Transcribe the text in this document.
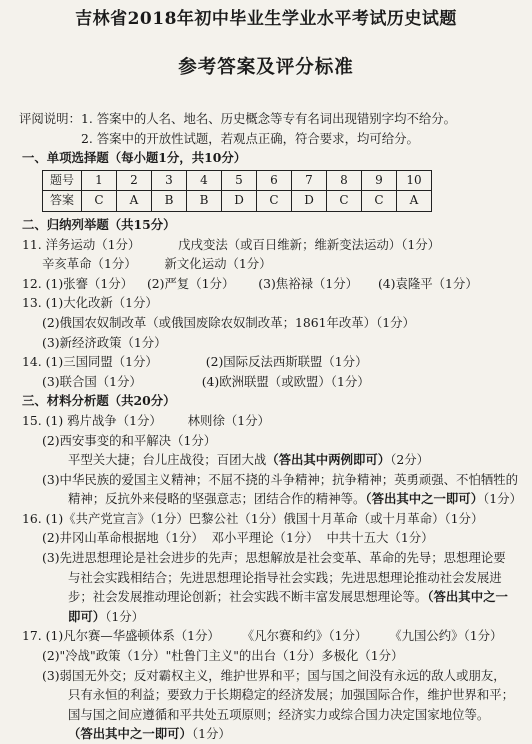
吉林省2018年初中毕业生学业水平考试历史试题
参考答案及评分标准
评阅说明：1. 答案中的人名、地名、历史概念等专有名词出现错别字均不给分。
2. 答案中的开放性试题，若观点正确，符合要求，均可给分。
一、单项选择题（每小题1分，共10分）
题号	1	2	3	4	5	6	7	8	9	10
答案	C	A	B	B	D	C	D	C	C	A
二、归纳列举题（共15分）
11. 洋务运动（1分）	戊戌变法（或百日维新；维新变法运动）（1分）
辛亥革命（1分） 新文化运动（1分）
12. (1)张謇（1分） (2)严复（1分） (3)焦裕禄（1分） (4)袁隆平（1分）
13. (1)大化改新（1分）
(2)俄国农奴制改革（或俄国废除农奴制改革；1861年改革）（1分）
(3)新经济政策（1分）
14. (1)三国同盟（1分）	(2)国际反法西斯联盟（1分）
(3)联合国（1分）	(4)欧洲联盟（或欧盟）（1分）
三、材料分析题（共20分）
15. (1) 鸦片战争（1分） 林则徐（1分）
(2)西安事变的和平解决（1分）
平型关大捷；台儿庄战役；百团大战（答出其中两例即可）（2分）
(3)中华民族的爱国主义精神；不屈不挠的斗争精神；抗争精神；英勇顽强、不怕牺牲的
精神；反抗外来侵略的坚强意志；团结合作的精神等。（答出其中之一即可）（1分）
16. (1)《共产党宣言》（1分）巴黎公社（1分）俄国十月革命（或十月革命）（1分）
(2)井冈山革命根据地（1分）  邓小平理论（1分）  中共十五大（1分）
(3)先进思想理论是社会进步的先声；思想解放是社会变革、革命的先导；思想理论要与社会实践相结合；先进思想理论指导社会实践；先进思想理论推动社会发展进步；社会发展推动理论创新；社会实践不断丰富发展思想理论等。（答出其中之一即可）（1分）
17. (1)凡尔赛—华盛顿体系（1分） 《凡尔赛和约》（1分） 《九国公约》（1分）
(2)"冷战"政策（1分）"杜鲁门主义"的出台（1分）多极化（1分）
(3)弱国无外交；反对霸权主义，维护世界和平；国与国之间没有永远的敌人或朋友，只有永恒的利益；要致力于长期稳定的经济发展；加强国际合作，维护世界和平；国与国之间应遵循和平共处五项原则；经济实力或综合国力决定国家地位等。
（答出其中之一即可）（1分）
